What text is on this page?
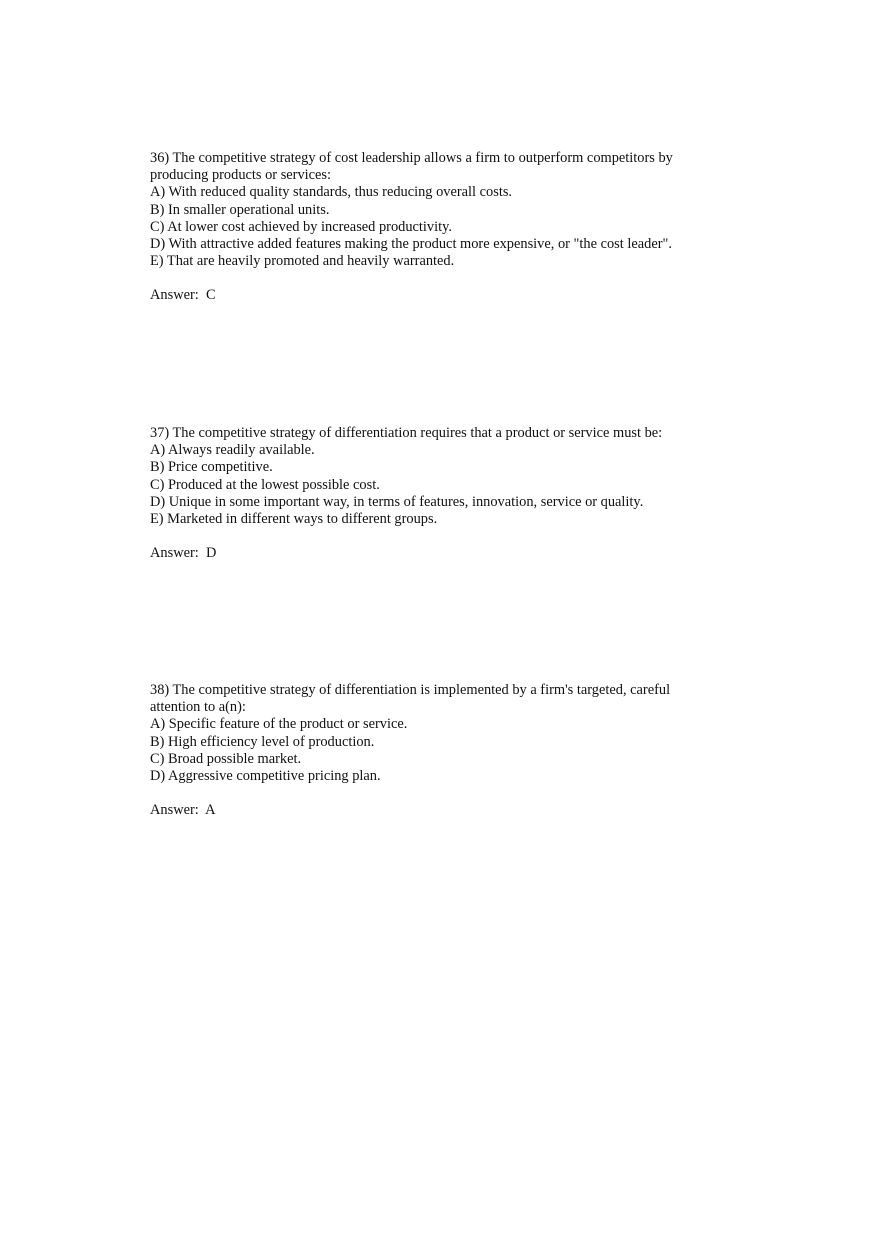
36) The competitive strategy of cost leadership allows a firm to outperform competitors by producing products or services:

A) With reduced quality standards, thus reducing overall costs.

B) In smaller operational units.

C) At lower cost achieved by increased productivity.

D) With attractive added features making the product more expensive, or "the cost leader".

E) That are heavily promoted and heavily warranted.

Answer:  C

37) The competitive strategy of differentiation requires that a product or service must be:

A) Always readily available.

B) Price competitive.

C) Produced at the lowest possible cost.

D) Unique in some important way, in terms of features, innovation, service or quality.

E) Marketed in different ways to different groups.

Answer:  D

38) The competitive strategy of differentiation is implemented by a firm's targeted, careful attention to a(n):

A) Specific feature of the product or service.

B) High efficiency level of production.

C) Broad possible market.

D) Aggressive competitive pricing plan.

Answer:  A
